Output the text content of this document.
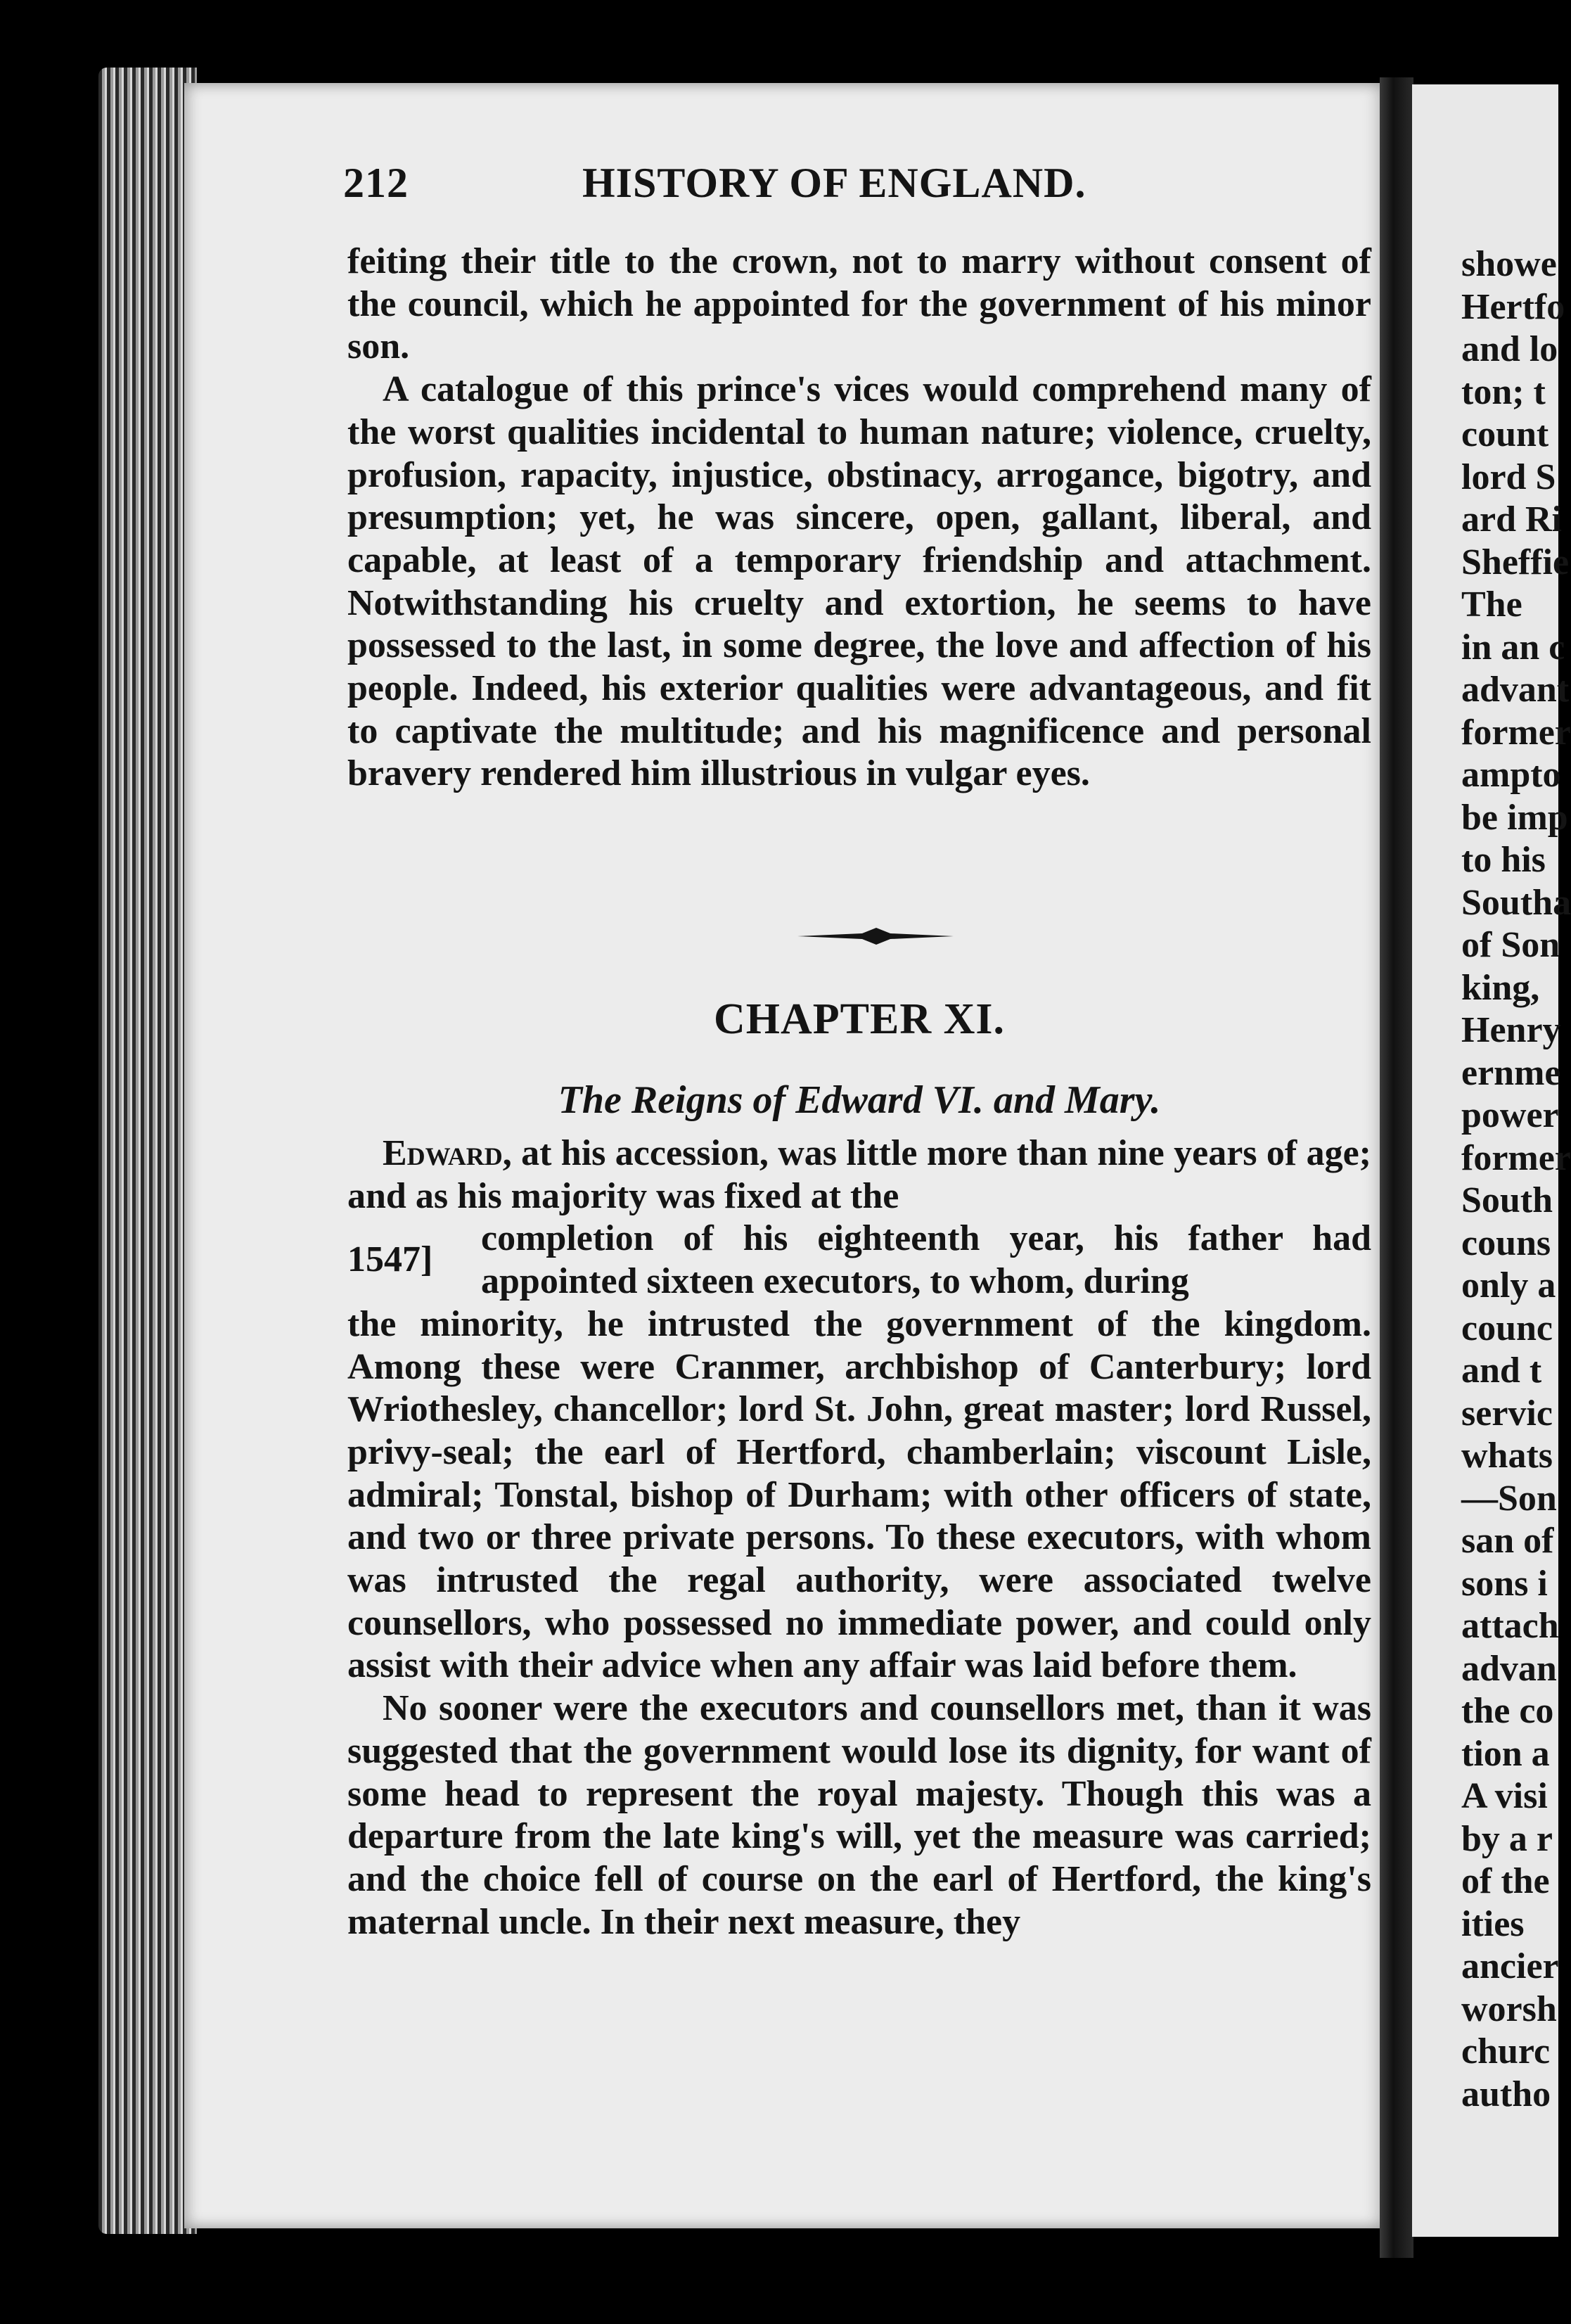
showe
Hertfo
and lo
ton; t
count
lord S
ard Ri
Sheffie
The
in an c
advant
former
ampto
be imp
to his
Southa
of Son
king,
Henry
ernme
power
former
South
couns
only a
counc
and t
servic
whats
—Son
san of
sons i
attach
advan
the co
tion a
A visi
by a r
of the
ities
ancier
worsh
churc
autho
212	HISTORY OF ENGLAND.

feiting their title to the crown, not to marry without consent of the council, which he appointed for the government of his minor son.

A catalogue of this prince's vices would comprehend many of the worst qualities incidental to human nature; violence, cruelty, profusion, rapacity, injustice, obstinacy, arrogance, bigotry, and presumption; yet, he was sincere, open, gallant, liberal, and capable, at least of a temporary friendship and attachment. Notwithstanding his cruelty and extortion, he seems to have possessed to the last, in some degree, the love and affection of his people. Indeed, his exterior qualities were advantageous, and fit to captivate the multitude; and his magnificence and personal bravery rendered him illustrious in vulgar eyes.

CHAPTER XI.
The Reigns of Edward VI. and Mary.

Edward, at his accession, was little more than nine years of age; and as his majority was fixed at the

1547]
completion of his eighteenth year, his father had appointed sixteen executors, to whom, during

the minority, he intrusted the government of the kingdom. Among these were Cranmer, archbishop of Canterbury; lord Wriothesley, chancellor; lord St. John, great master; lord Russel, privy-seal; the earl of Hertford, chamberlain; viscount Lisle, admiral; Tonstal, bishop of Durham; with other officers of state, and two or three private persons. To these executors, with whom was intrusted the regal authority, were associated twelve counsellors, who possessed no immediate power, and could only assist with their advice when any affair was laid before them.

No sooner were the executors and counsellors met, than it was suggested that the government would lose its dignity, for want of some head to represent the royal majesty. Though this was a departure from the late king's will, yet the measure was carried; and the choice fell of course on the earl of Hertford, the king's maternal uncle. In their next measure, they
